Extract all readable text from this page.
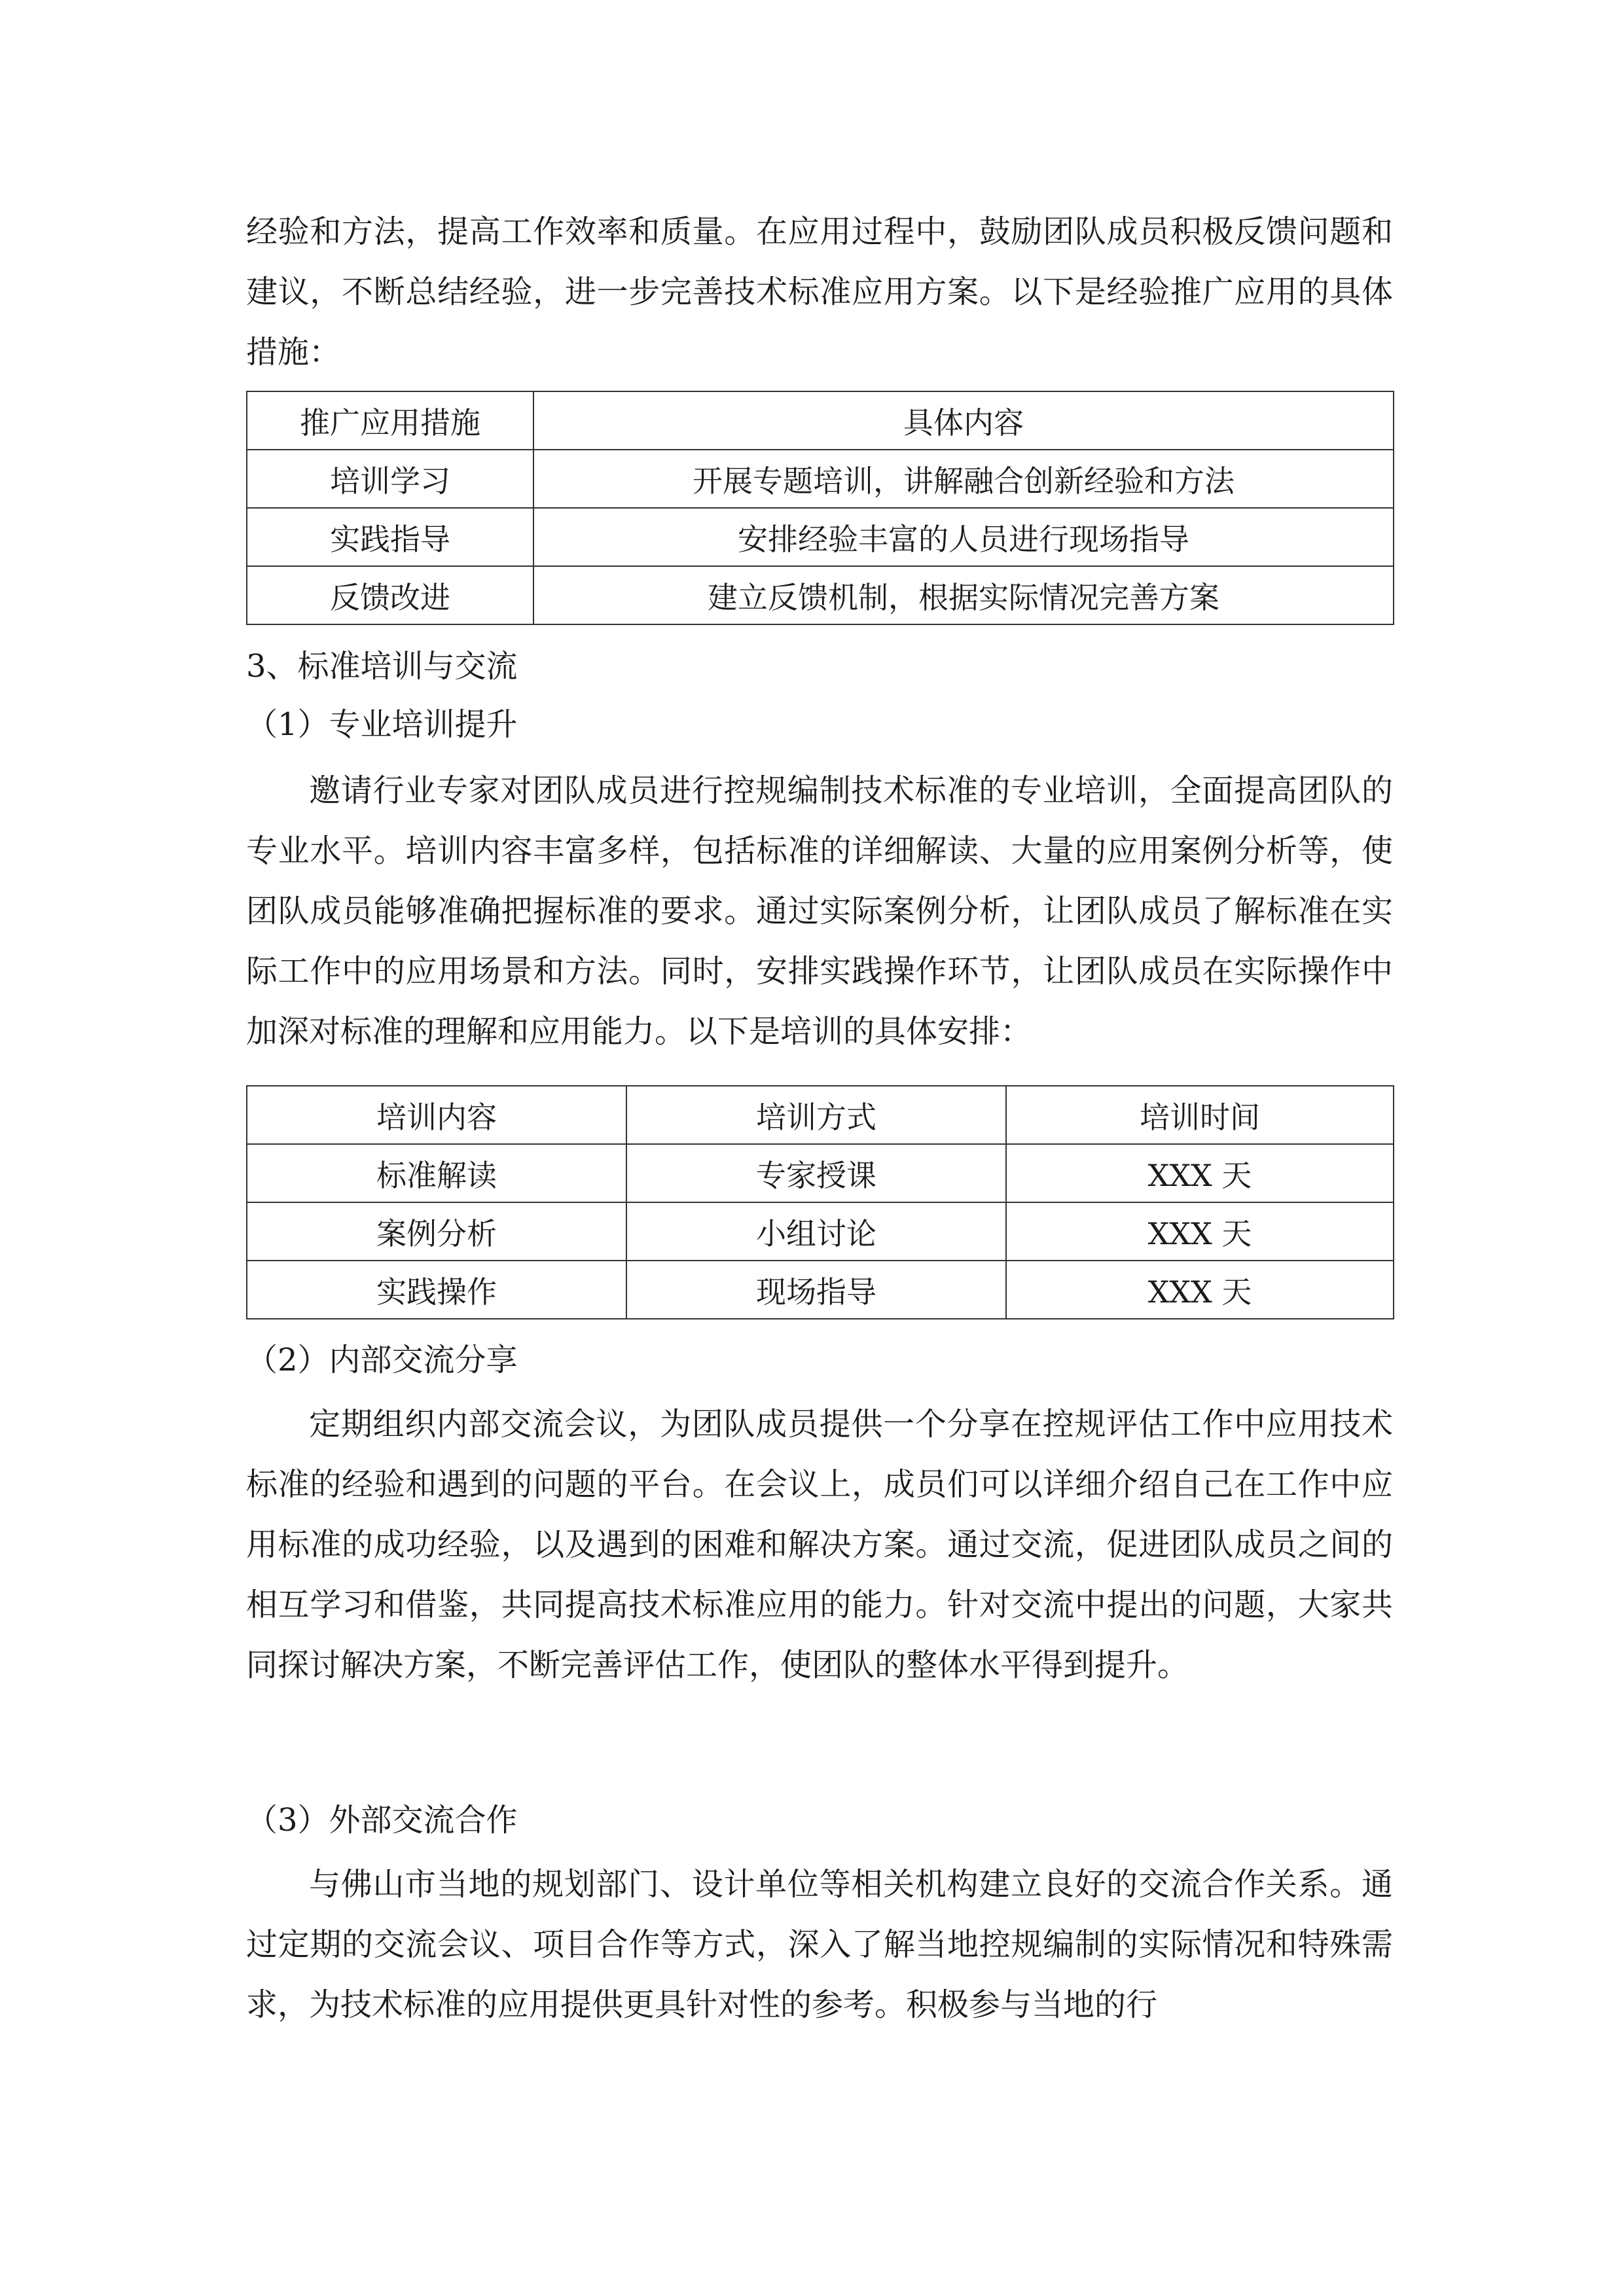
经验和方法，提高工作效率和质量。在应用过程中，鼓励团队成员积极反馈问题和建议，不断总结经验，进一步完善技术标准应用方案。以下是经验推广应用的具体措施：

推广应用措施	具体内容
培训学习	开展专题培训，讲解融合创新经验和方法
实践指导	安排经验丰富的人员进行现场指导
反馈改进	建立反馈机制，根据实际情况完善方案

3、标准培训与交流

（1）专业培训提升

邀请行业专家对团队成员进行控规编制技术标准的专业培训，全面提高团队的专业水平。培训内容丰富多样，包括标准的详细解读、大量的应用案例分析等，使团队成员能够准确把握标准的要求。通过实际案例分析，让团队成员了解标准在实际工作中的应用场景和方法。同时，安排实践操作环节，让团队成员在实际操作中加深对标准的理解和应用能力。以下是培训的具体安排：

培训内容	培训方式	培训时间
标准解读	专家授课	XXX 天
案例分析	小组讨论	XXX 天
实践操作	现场指导	XXX 天

（2）内部交流分享

定期组织内部交流会议，为团队成员提供一个分享在控规评估工作中应用技术标准的经验和遇到的问题的平台。在会议上，成员们可以详细介绍自己在工作中应用标准的成功经验，以及遇到的困难和解决方案。通过交流，促进团队成员之间的相互学习和借鉴，共同提高技术标准应用的能力。针对交流中提出的问题，大家共同探讨解决方案，不断完善评估工作，使团队的整体水平得到提升。

（3）外部交流合作

与佛山市当地的规划部门、设计单位等相关机构建立良好的交流合作关系。通过定期的交流会议、项目合作等方式，深入了解当地控规编制的实际情况和特殊需求，为技术标准的应用提供更具针对性的参考。积极参与当地的行
